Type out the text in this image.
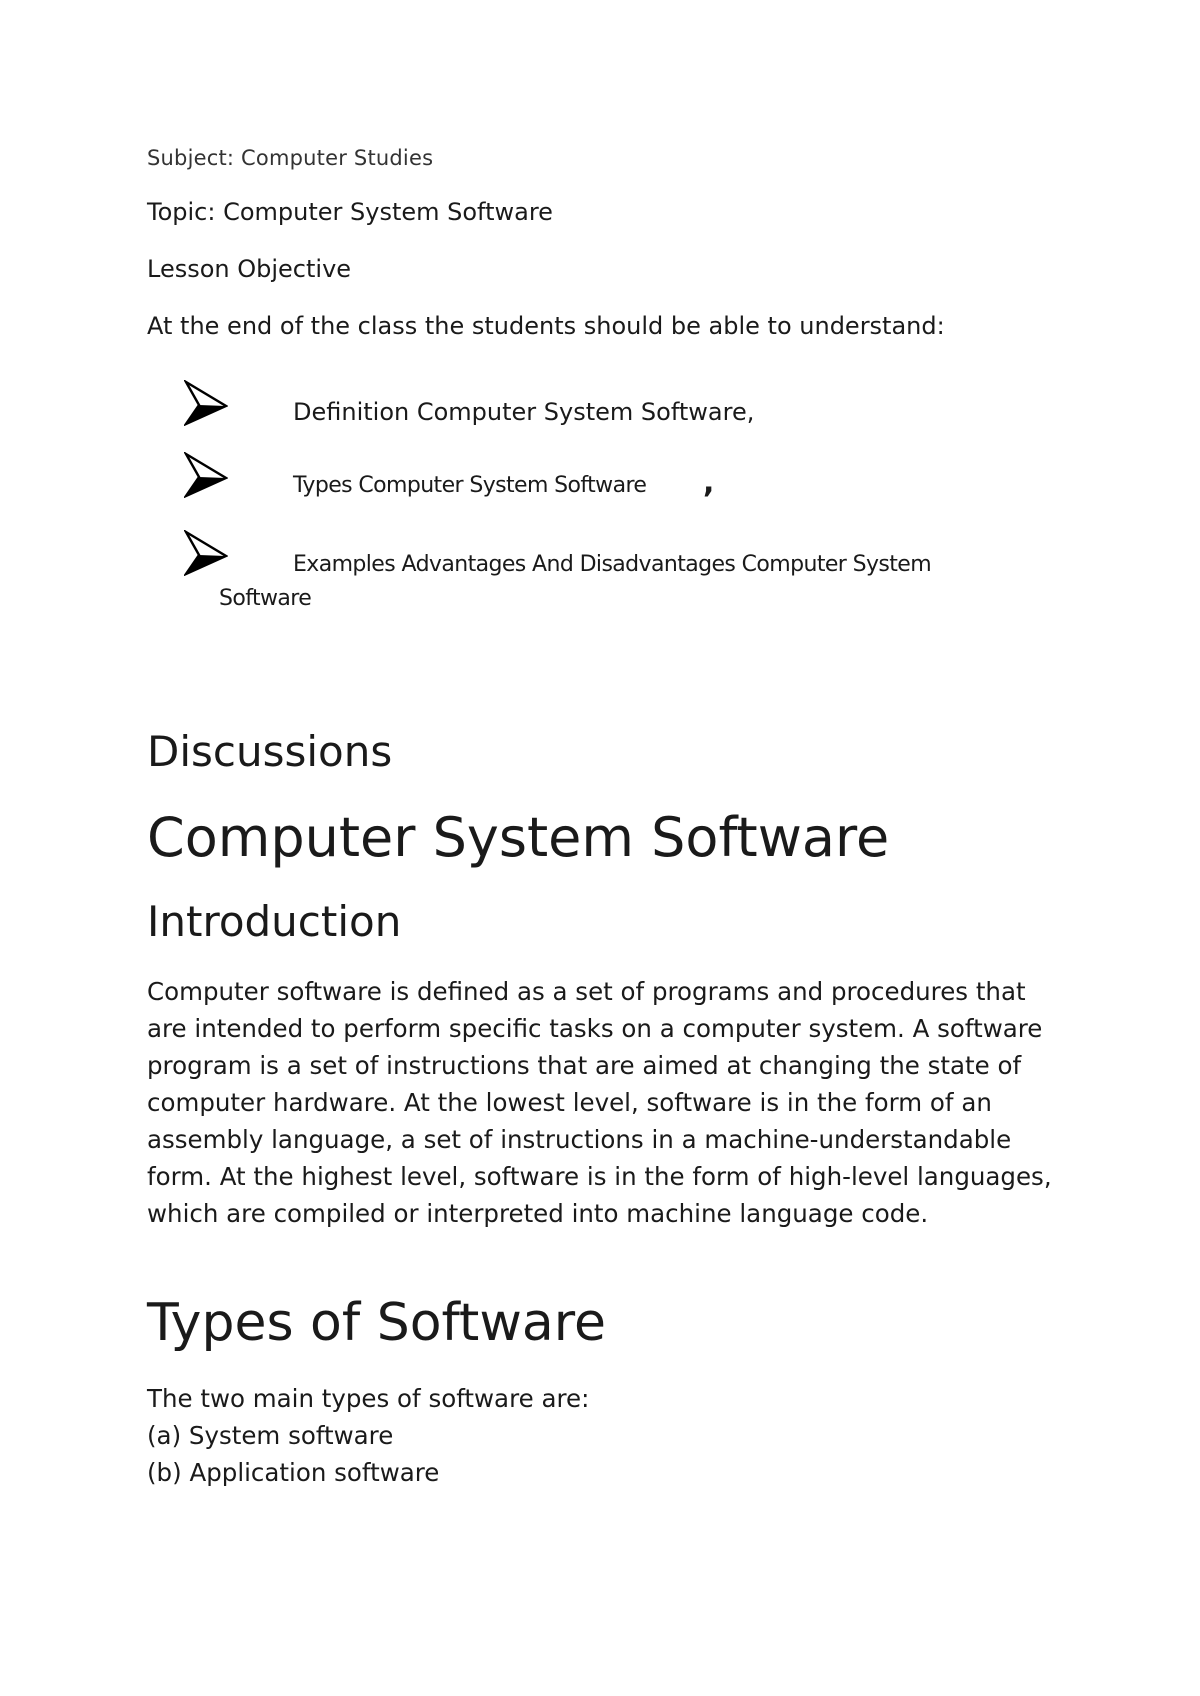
Subject: Computer Studies

Topic: Computer System Software

Lesson Objective

At the end of the class the students should be able to understand:

Definition Computer System Software,
Types Computer System Software ,
Examples Advantages And Disadvantages Computer System
Software
Discussions
Computer System Software
Introduction

Computer software is defined as a set of programs and procedures that are intended to perform specific tasks on a computer system. A software program is a set of instructions that are aimed at changing the state of computer hardware. At the lowest level, software is in the form of an assembly language, a set of instructions in a machine-understandable form. At the highest level, software is in the form of high-level languages, which are compiled or interpreted into machine language code.

Types of Software
The two main types of software are:
(a) System software
(b) Application software
